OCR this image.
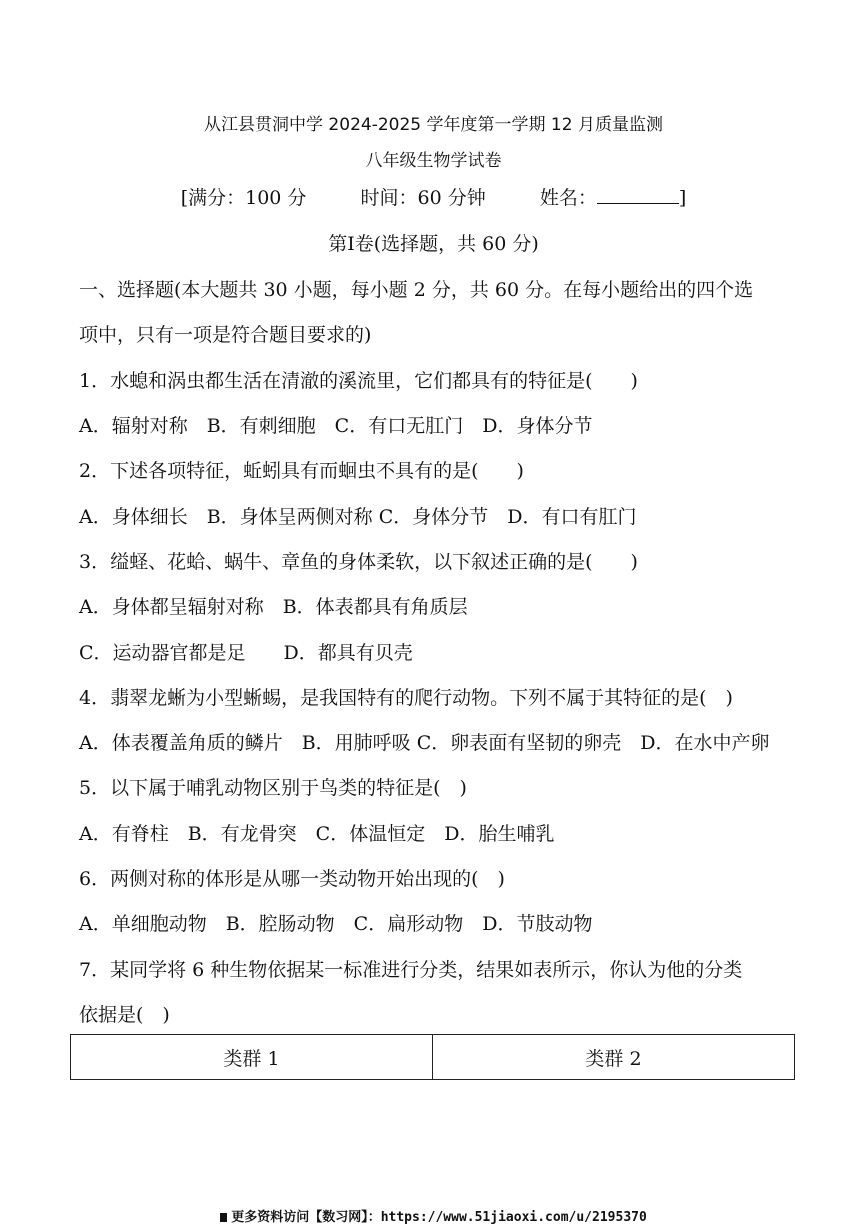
从江县贯洞中学 2024-2025 学年度第一学期 12 月质量监测
八年级生物学试卷
[满分：100 分	时间：60 分钟	姓名：	]
第Ⅰ卷(选择题，共 60 分)
一、选择题(本大题共 30 小题，每小题 2 分，共 60 分。在每小题给出的四个选
项中，只有一项是符合题目要求的)
1．水螅和涡虫都生活在清澈的溪流里，它们都具有的特征是(　　)
A．辐射对称　B．有刺细胞　C．有口无肛门　D．身体分节
2．下述各项特征，蚯蚓具有而蛔虫不具有的是(　　)
A．身体细长　B．身体呈两侧对称 C．身体分节　D．有口有肛门
3．缢蛏、花蛤、蜗牛、章鱼的身体柔软，以下叙述正确的是(　　)
A．身体都呈辐射对称　B．体表都具有角质层
C．运动器官都是足　　D．都具有贝壳
4．翡翠龙蜥为小型蜥蜴，是我国特有的爬行动物。下列不属于其特征的是(　)
A．体表覆盖角质的鳞片　B．用肺呼吸 C．卵表面有坚韧的卵壳　D．在水中产卵
5．以下属于哺乳动物区别于鸟类的特征是(　)
A．有脊柱　B．有龙骨突　C．体温恒定　D．胎生哺乳
6．两侧对称的体形是从哪一类动物开始出现的(　)
A．单细胞动物　B．腔肠动物　C．扁形动物　D．节肢动物
7．某同学将 6 种生物依据某一标准进行分类，结果如表所示，你认为他的分类
依据是(　)
类群 1	类群 2
更多资料访问【数习网】：https://www.51jiaoxi.com/u/2195370
